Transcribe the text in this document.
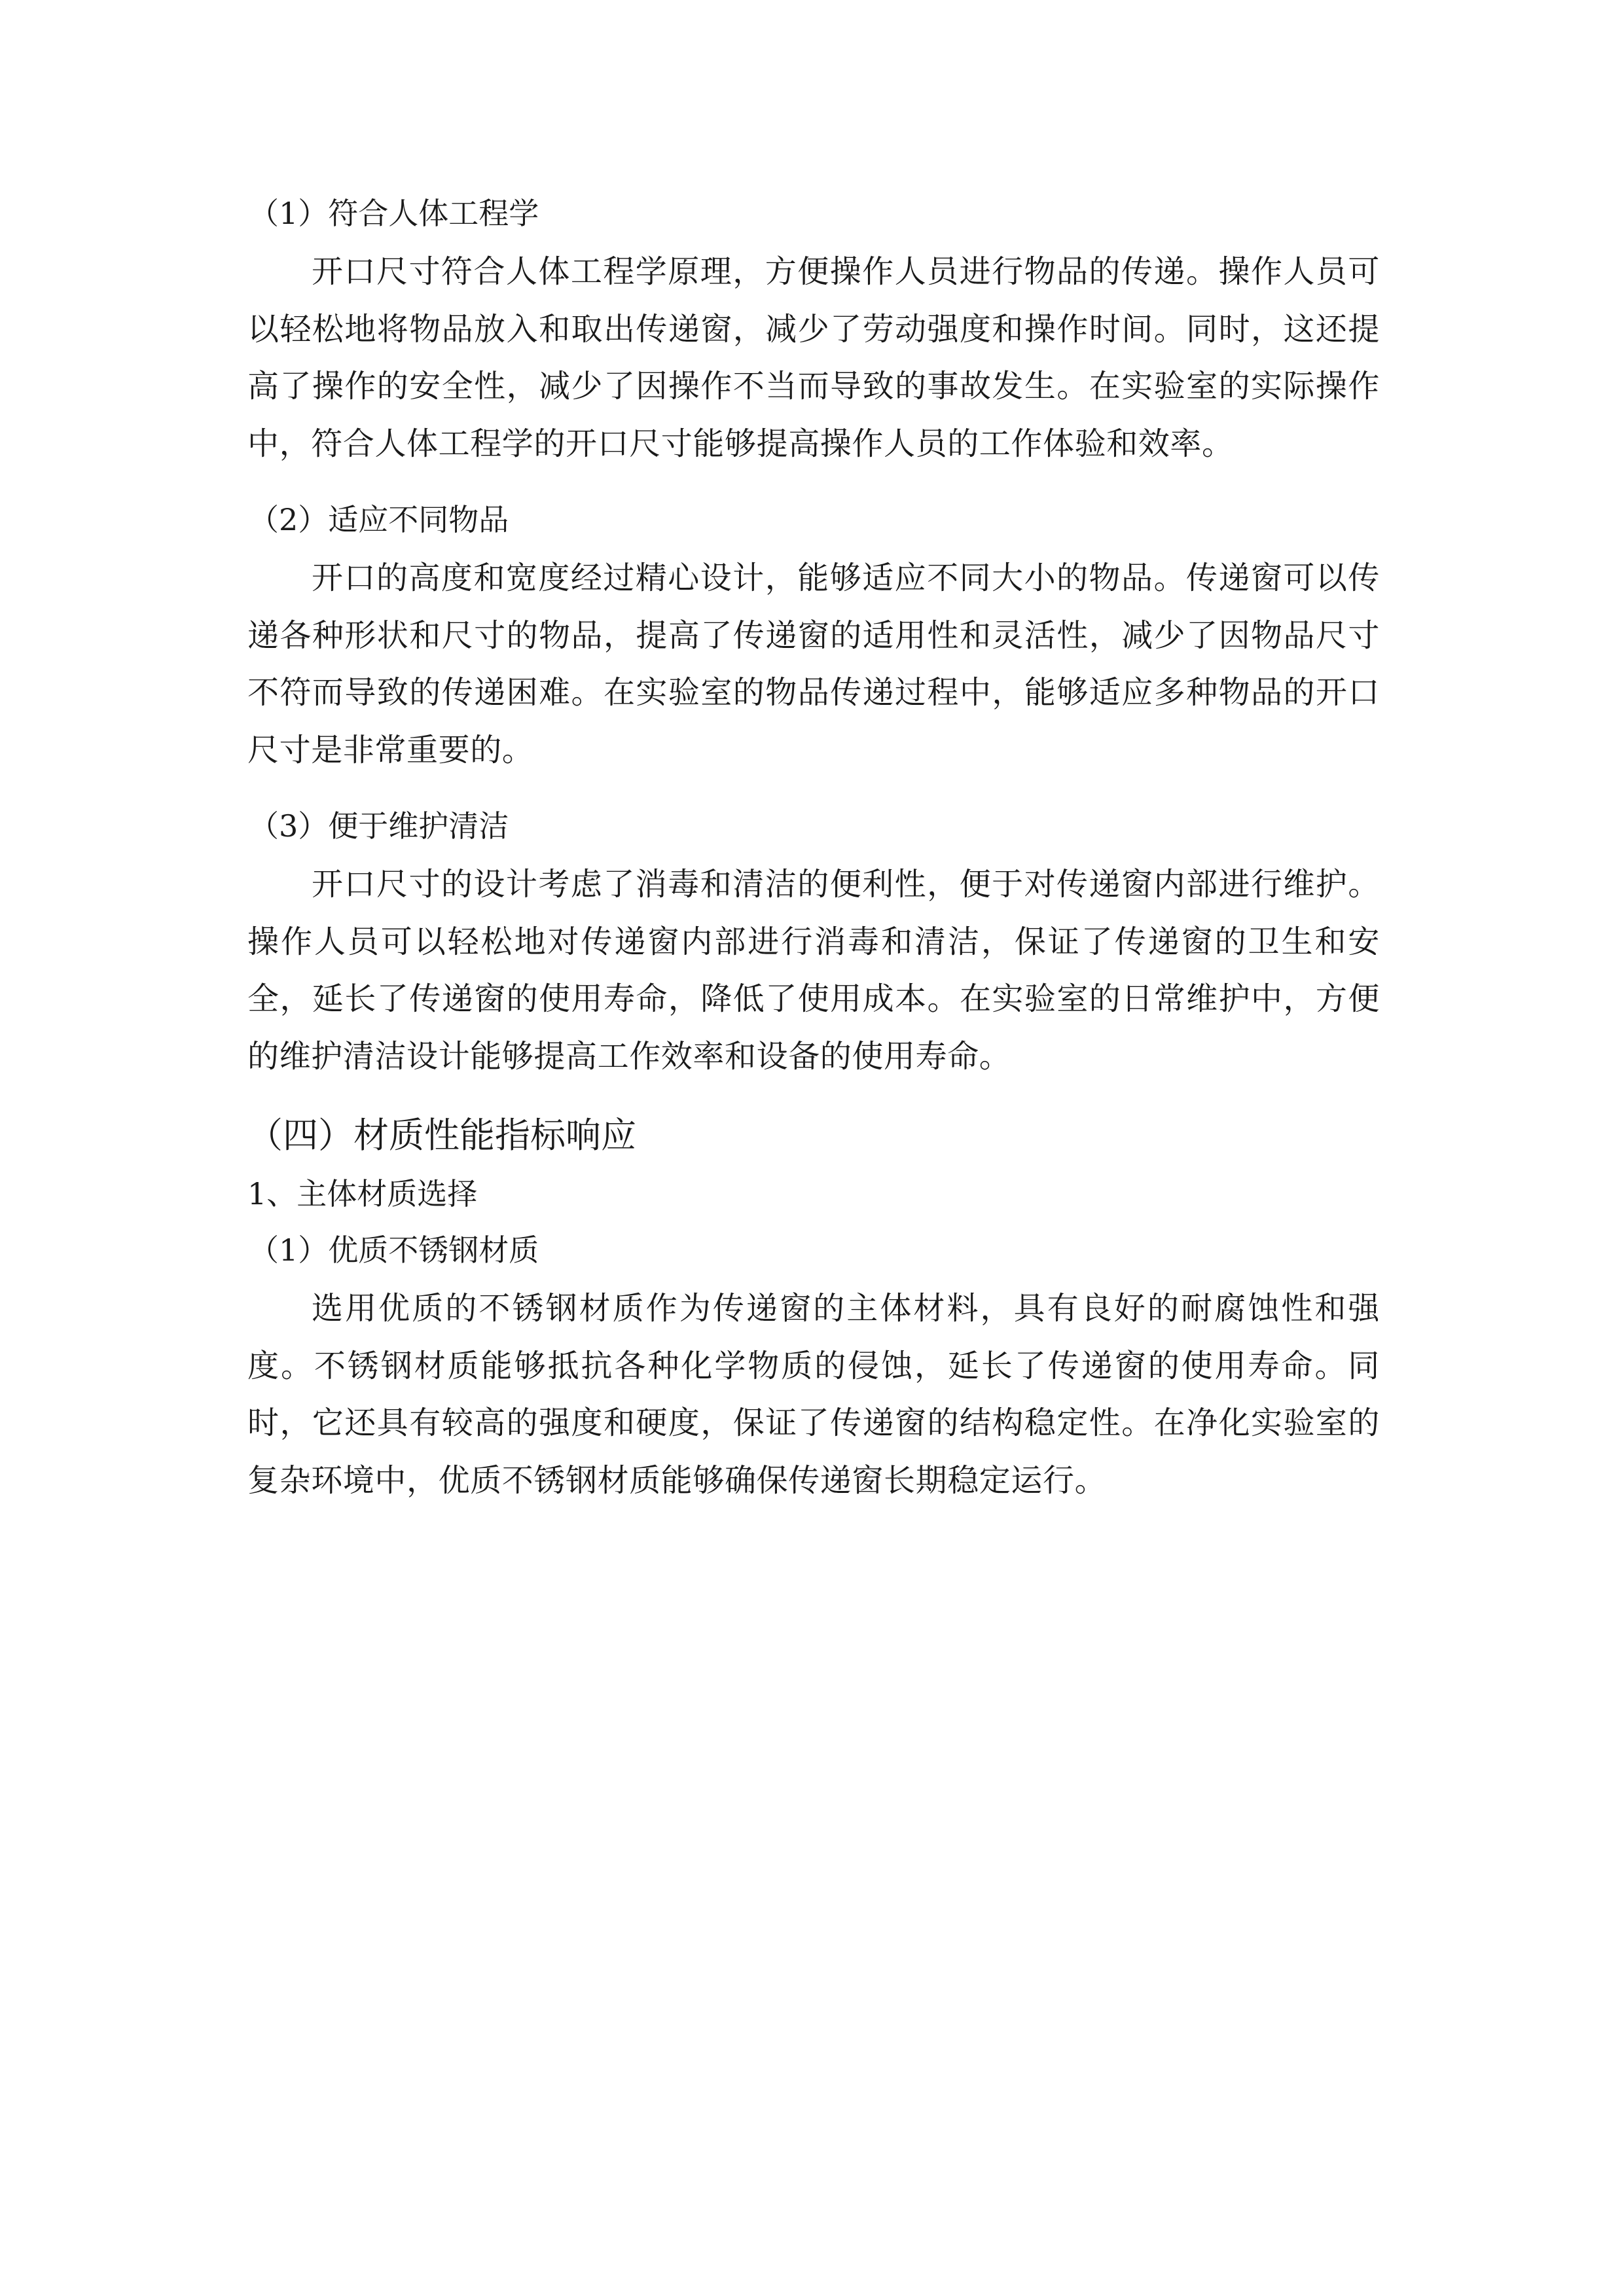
（1）符合人体工程学

开口尺寸符合人体工程学原理，方便操作人员进行物品的传递。操作人员可以轻松地将物品放入和取出传递窗，减少了劳动强度和操作时间。同时，这还提高了操作的安全性，减少了因操作不当而导致的事故发生。在实验室的实际操作中，符合人体工程学的开口尺寸能够提高操作人员的工作体验和效率。

（2）适应不同物品

开口的高度和宽度经过精心设计，能够适应不同大小的物品。传递窗可以传递各种形状和尺寸的物品，提高了传递窗的适用性和灵活性，减少了因物品尺寸不符而导致的传递困难。在实验室的物品传递过程中，能够适应多种物品的开口尺寸是非常重要的。

（3）便于维护清洁

开口尺寸的设计考虑了消毒和清洁的便利性，便于对传递窗内部进行维护。操作人员可以轻松地对传递窗内部进行消毒和清洁，保证了传递窗的卫生和安全，延长了传递窗的使用寿命，降低了使用成本。在实验室的日常维护中，方便的维护清洁设计能够提高工作效率和设备的使用寿命。

（四）材质性能指标响应
1、主体材质选择
（1）优质不锈钢材质

选用优质的不锈钢材质作为传递窗的主体材料，具有良好的耐腐蚀性和强度。不锈钢材质能够抵抗各种化学物质的侵蚀，延长了传递窗的使用寿命。同时，它还具有较高的强度和硬度，保证了传递窗的结构稳定性。在净化实验室的复杂环境中，优质不锈钢材质能够确保传递窗长期稳定运行。
